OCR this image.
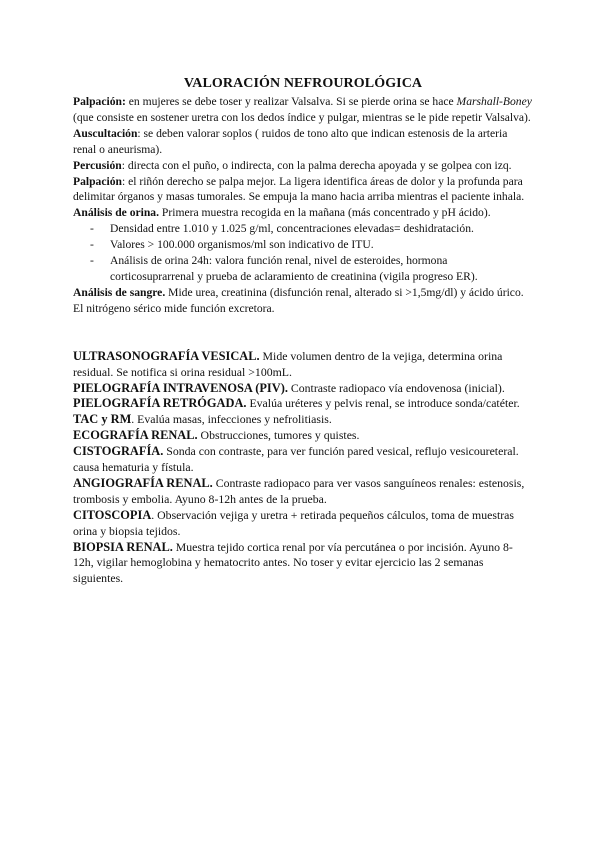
VALORACIÓN NEFROUROLÓGICA

Palpación: en mujeres se debe toser y realizar Valsalva. Si se pierde orina se hace Marshall-Boney (que consiste en sostener uretra con los dedos índice y pulgar, mientras se le pide repetir Valsalva).

Auscultación: se deben valorar soplos ( ruidos de tono alto que indican estenosis de la arteria renal o aneurisma).

Percusión: directa con el puño, o indirecta, con la palma derecha apoyada y se golpea con izq.

Palpación: el riñón derecho se palpa mejor. La ligera identifica áreas de dolor y la profunda para delimitar órganos y masas tumorales. Se empuja la mano hacia arriba mientras el paciente inhala.

Análisis de orina. Primera muestra recogida en la mañana (más concentrado y pH ácido).

- Densidad entre 1.010 y 1.025 g/ml, concentraciones elevadas= deshidratación.
- Valores > 100.000 organismos/ml son indicativo de ITU.
- Análisis de orina 24h: valora función renal, nivel de esteroides, hormona corticosuprarrenal y prueba de aclaramiento de creatinina (vigila progreso ER).

Análisis de sangre. Mide urea, creatinina (disfunción renal, alterado si >1,5mg/dl) y ácido úrico. El nitrógeno sérico mide función excretora.

ULTRASONOGRAFÍA VESICAL. Mide volumen dentro de la vejiga, determina orina residual. Se notifica si orina residual >100mL.

PIELOGRAFÍA INTRAVENOSA (PIV). Contraste radiopaco vía endovenosa (inicial).

PIELOGRAFÍA RETRÓGADA. Evalúa uréteres y pelvis renal, se introduce sonda/catéter.

TAC y RM. Evalúa masas, infecciones y nefrolitiasis.

ECOGRAFÍA RENAL. Obstrucciones, tumores y quistes.

CISTOGRAFÍA. Sonda con contraste, para ver función pared vesical, reflujo vesicoureteral. causa hematuria y fístula.

ANGIOGRAFÍA RENAL. Contraste radiopaco para ver vasos sanguíneos renales: estenosis, trombosis y embolia. Ayuno 8-12h antes de la prueba.

CITOSCOPIA. Observación vejiga y uretra + retirada pequeños cálculos, toma de muestras orina y biopsia tejidos.

BIOPSIA RENAL. Muestra tejido cortica renal por vía percutánea o por incisión. Ayuno 8-12h, vigilar hemoglobina y hematocrito antes. No toser y evitar ejercicio las 2 semanas siguientes.
